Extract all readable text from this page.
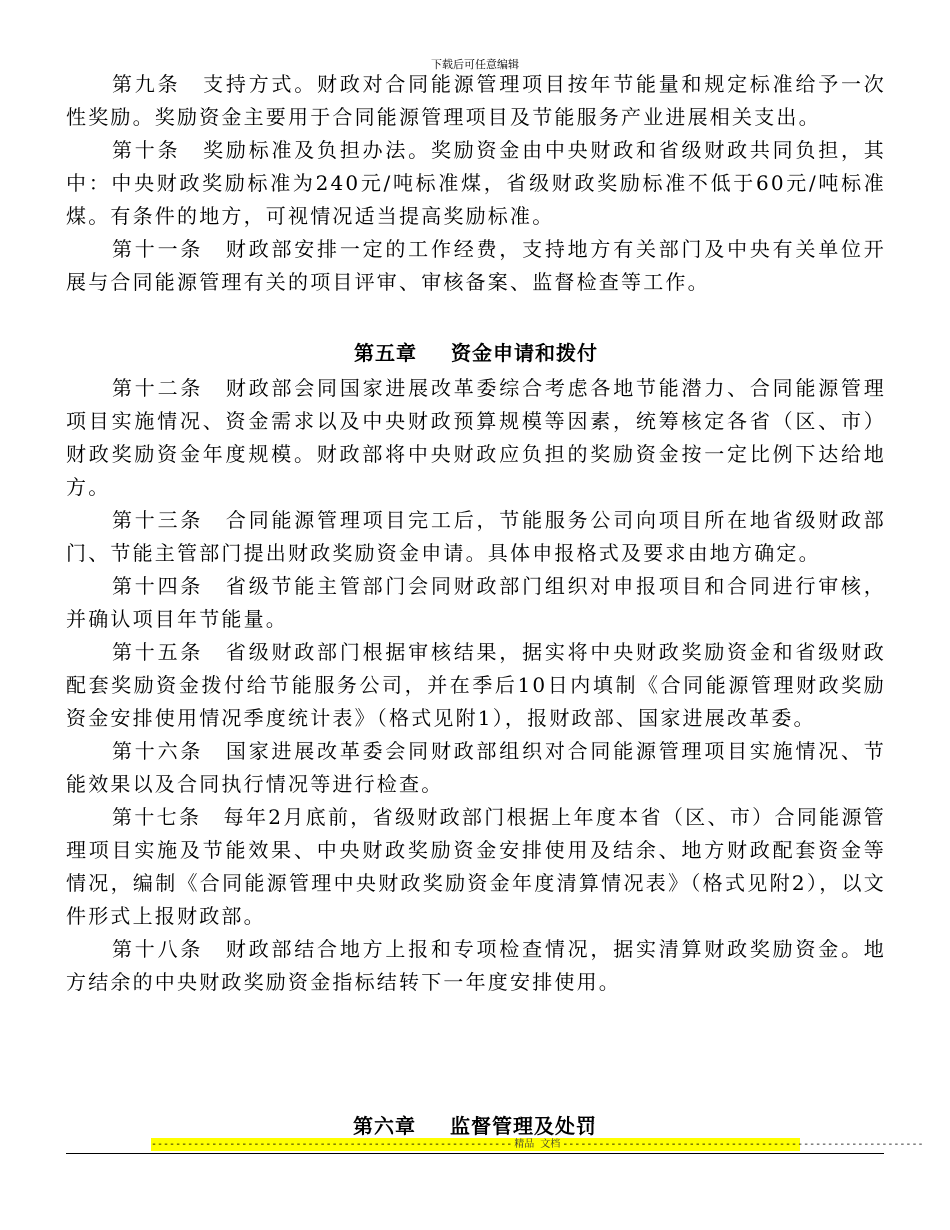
下载后可任意编辑

第九条　支持方式。财政对合同能源管理项目按年节能量和规定标准给予一次性奖励。奖励资金主要用于合同能源管理项目及节能服务产业进展相关支出。

第十条　奖励标准及负担办法。奖励资金由中央财政和省级财政共同负担，其中：中央财政奖励标准为240元/吨标准煤，省级财政奖励标准不低于60元/吨标准煤。有条件的地方，可视情况适当提高奖励标准。

第十一条　财政部安排一定的工作经费，支持地方有关部门及中央有关单位开展与合同能源管理有关的项目评审、审核备案、监督检查等工作。

第五章 资金申请和拨付

第十二条　财政部会同国家进展改革委综合考虑各地节能潜力、合同能源管理项目实施情况、资金需求以及中央财政预算规模等因素，统筹核定各省（区、市）财政奖励资金年度规模。财政部将中央财政应负担的奖励资金按一定比例下达给地方。

第十三条　合同能源管理项目完工后，节能服务公司向项目所在地省级财政部门、节能主管部门提出财政奖励资金申请。具体申报格式及要求由地方确定。

第十四条　省级节能主管部门会同财政部门组织对申报项目和合同进行审核，并确认项目年节能量。

第十五条　省级财政部门根据审核结果，据实将中央财政奖励资金和省级财政配套奖励资金拨付给节能服务公司，并在季后10日内填制《合同能源管理财政奖励资金安排使用情况季度统计表》（格式见附1），报财政部、国家进展改革委。

第十六条　国家进展改革委会同财政部组织对合同能源管理项目实施情况、节能效果以及合同执行情况等进行检查。

第十七条　每年2月底前，省级财政部门根据上年度本省（区、市）合同能源管理项目实施及节能效果、中央财政奖励资金安排使用及结余、地方财政配套资金等情况，编制《合同能源管理中央财政奖励资金年度清算情况表》（格式见附2），以文件形式上报财政部。

第十八条　财政部结合地方上报和专项检查情况，据实清算财政奖励资金。地方结余的中央财政奖励资金指标结转下一年度安排使用。

第六章 监督管理及处罚
------------------------------------------------------------ 精品 文档 ------------------------------------------------------------
